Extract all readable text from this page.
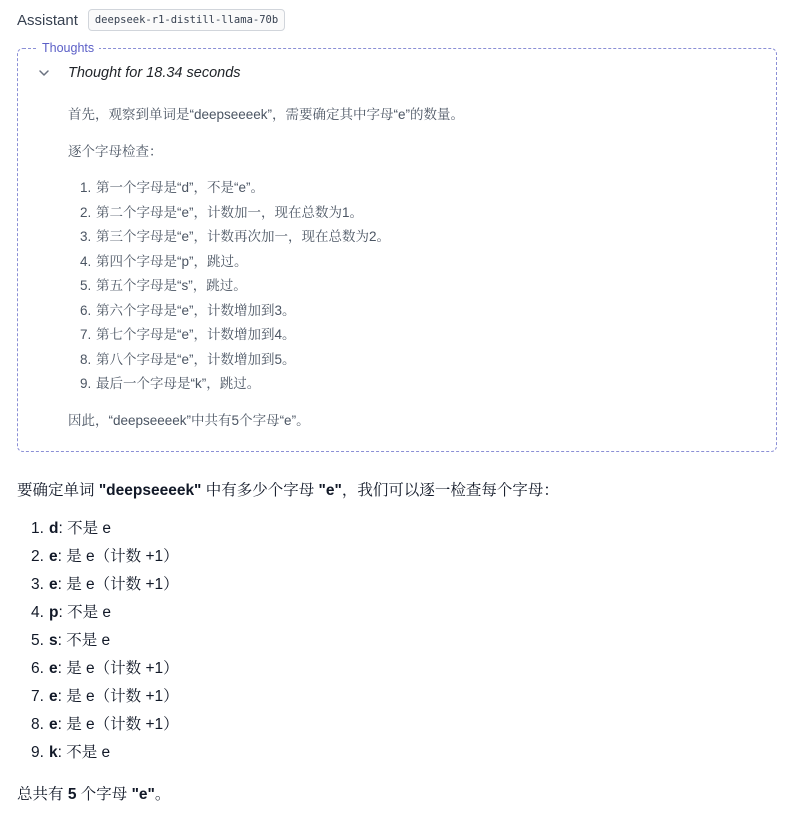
Assistant	deepseek-r1-distill-llama-70b
Thoughts
Thought for 18.34 seconds

首先，观察到单词是“deepseeeek”，需要确定其中字母“e”的数量。

逐个字母检查：

1. 第一个字母是“d”，不是“e”。
2. 第二个字母是“e”，计数加一，现在总数为1。
3. 第三个字母是“e”，计数再次加一，现在总数为2。
4. 第四个字母是“p”，跳过。
5. 第五个字母是“s”，跳过。
6. 第六个字母是“e”，计数增加到3。
7. 第七个字母是“e”，计数增加到4。
8. 第八个字母是“e”，计数增加到5。
9. 最后一个字母是“k”，跳过。

因此，“deepseeeek”中共有5个字母“e”。

要确定单词 "deepseeeek" 中有多少个字母 "e"，我们可以逐一检查每个字母：

1. d: 不是 e
2. e: 是 e（计数 +1）
3. e: 是 e（计数 +1）
4. p: 不是 e
5. s: 不是 e
6. e: 是 e（计数 +1）
7. e: 是 e（计数 +1）
8. e: 是 e（计数 +1）
9. k: 不是 e

总共有 5 个字母 "e"。
